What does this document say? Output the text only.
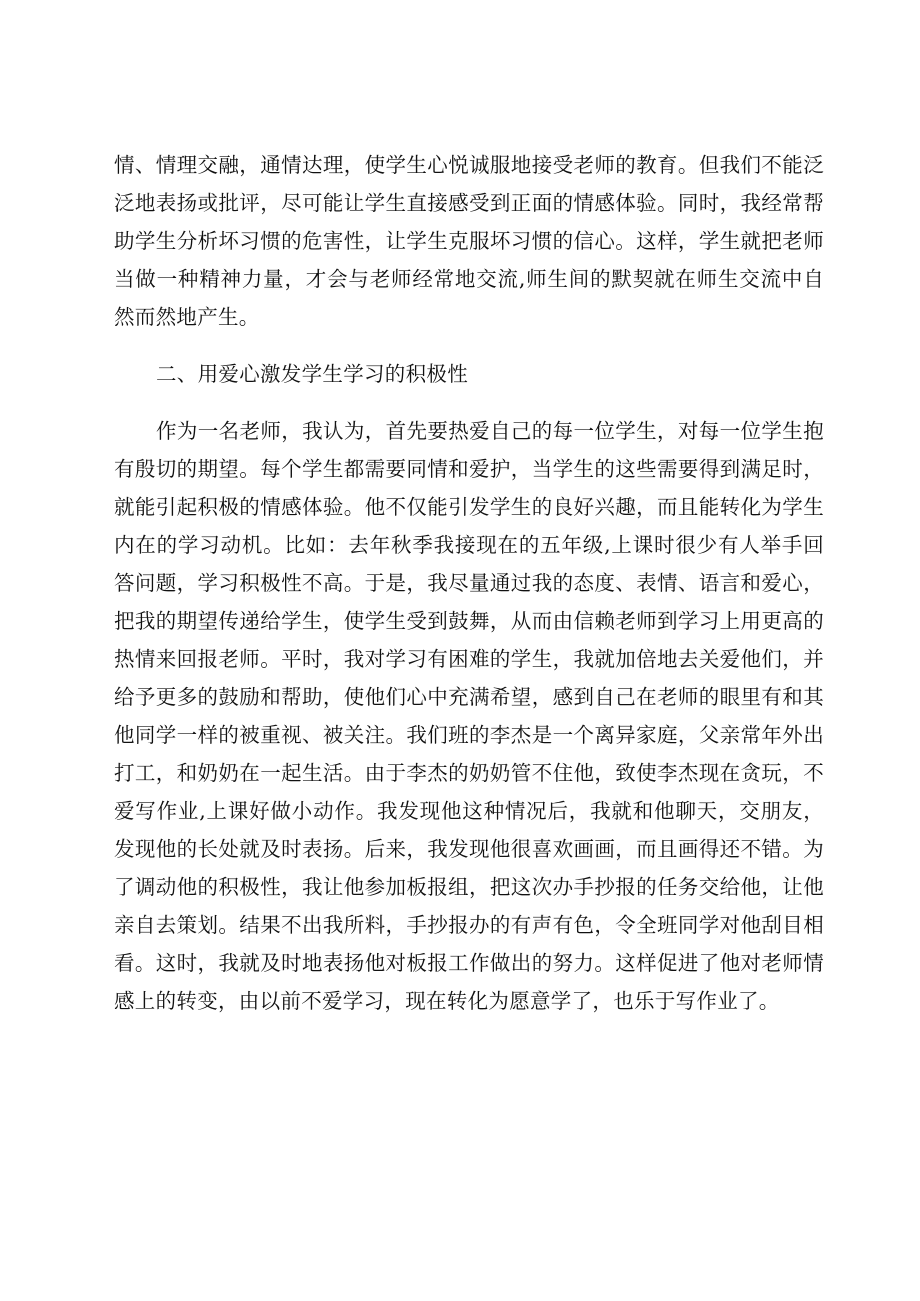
情、情理交融，通情达理，使学生心悦诚服地接受老师的教育。但我们不能泛泛地表扬或批评，尽可能让学生直接感受到正面的情感体验。同时，我经常帮助学生分析坏习惯的危害性，让学生克服坏习惯的信心。这样，学生就把老师当做一种精神力量，才会与老师经常地交流,师生间的默契就在师生交流中自然而然地产生。

二、用爱心激发学生学习的积极性

作为一名老师，我认为，首先要热爱自己的每一位学生，对每一位学生抱有殷切的期望。每个学生都需要同情和爱护，当学生的这些需要得到满足时，就能引起积极的情感体验。他不仅能引发学生的良好兴趣，而且能转化为学生内在的学习动机。比如：去年秋季我接现在的五年级,上课时很少有人举手回答问题，学习积极性不高。于是，我尽量通过我的态度、表情、语言和爱心，把我的期望传递给学生，使学生受到鼓舞，从而由信赖老师到学习上用更高的热情来回报老师。平时，我对学习有困难的学生，我就加倍地去关爱他们，并给予更多的鼓励和帮助，使他们心中充满希望，感到自己在老师的眼里有和其他同学一样的被重视、被关注。我们班的李杰是一个离异家庭，父亲常年外出打工，和奶奶在一起生活。由于李杰的奶奶管不住他，致使李杰现在贪玩，不爱写作业,上课好做小动作。我发现他这种情况后，我就和他聊天，交朋友，发现他的长处就及时表扬。后来，我发现他很喜欢画画，而且画得还不错。为了调动他的积极性，我让他参加板报组，把这次办手抄报的任务交给他，让他亲自去策划。结果不出我所料，手抄报办的有声有色，令全班同学对他刮目相看。这时，我就及时地表扬他对板报工作做出的努力。这样促进了他对老师情感上的转变，由以前不爱学习，现在转化为愿意学了，也乐于写作业了。
